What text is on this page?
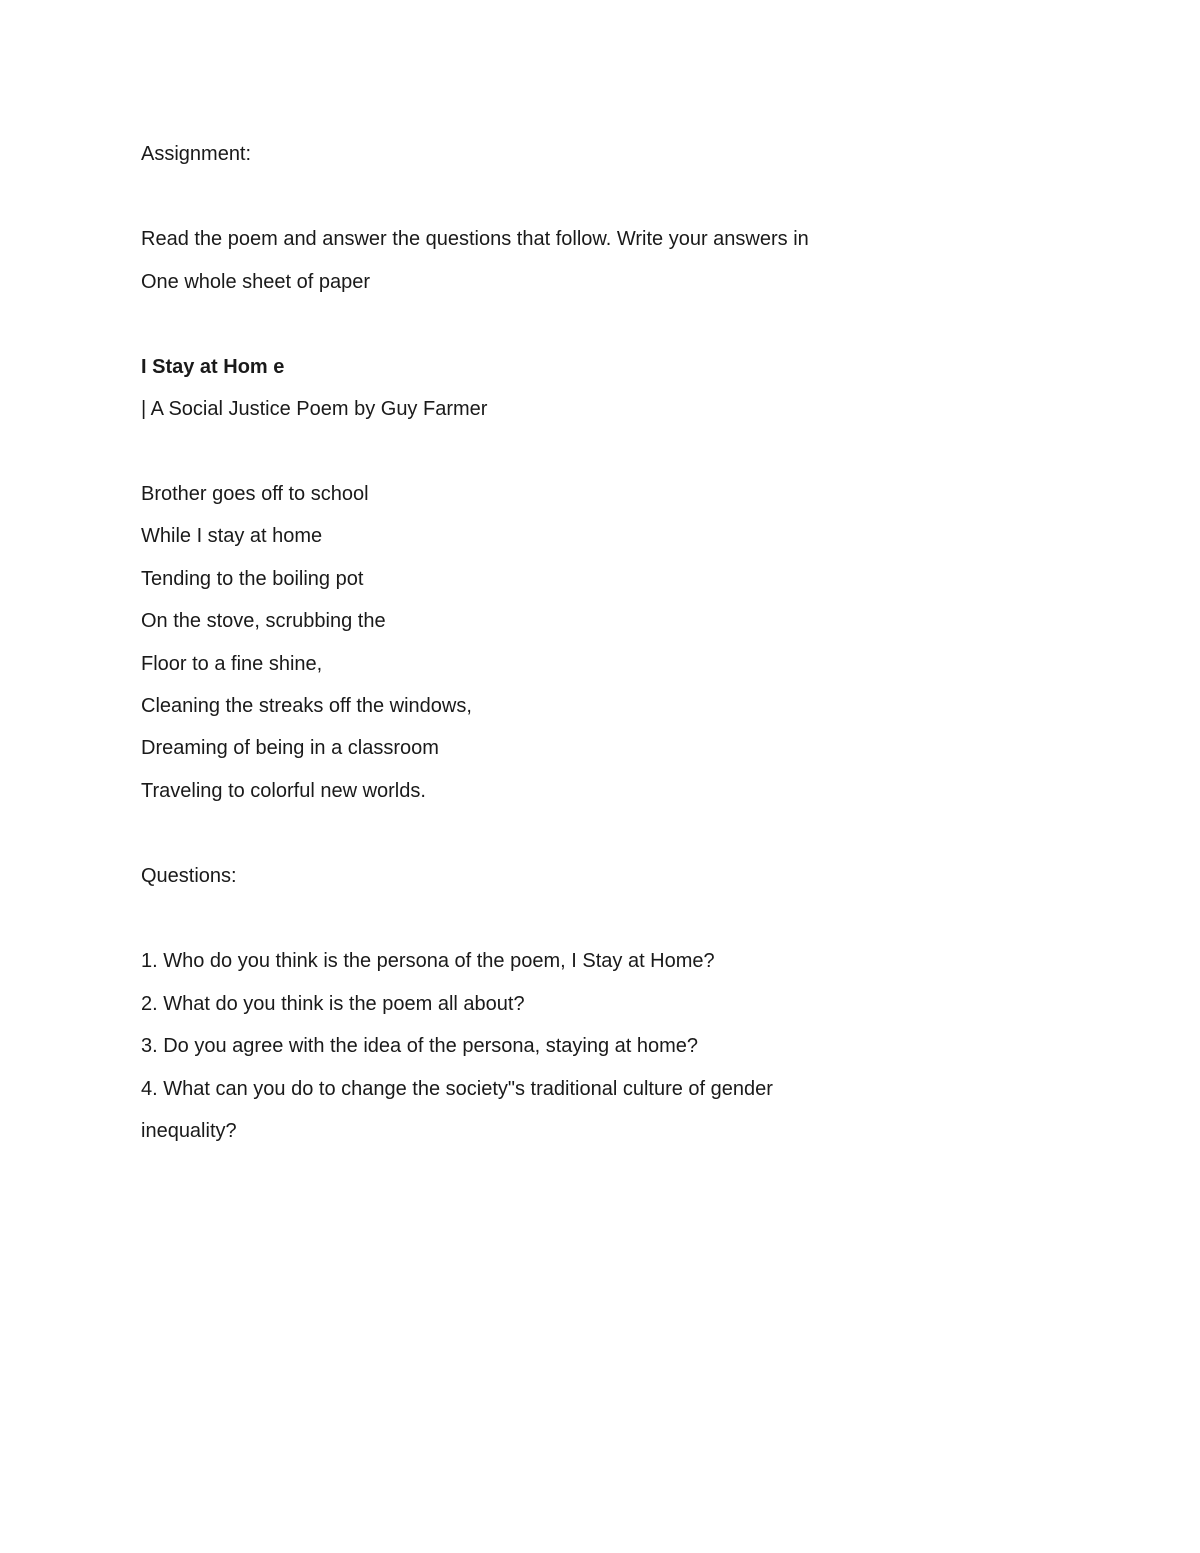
Assignment:
Read the poem and answer the questions that follow. Write your answers in
One whole sheet of paper
I Stay at Hom e
| A Social Justice Poem by Guy Farmer
Brother goes off to school
While I stay at home
Tending to the boiling pot
On the stove, scrubbing the
Floor to a fine shine,
Cleaning the streaks off the windows,
Dreaming of being in a classroom
Traveling to colorful new worlds.
Questions:
1. Who do you think is the persona of the poem, I Stay at Home?
2. What do you think is the poem all about?
3. Do you agree with the idea of the persona, staying at home?
4. What can you do to change the society"s traditional culture of gender
inequality?
